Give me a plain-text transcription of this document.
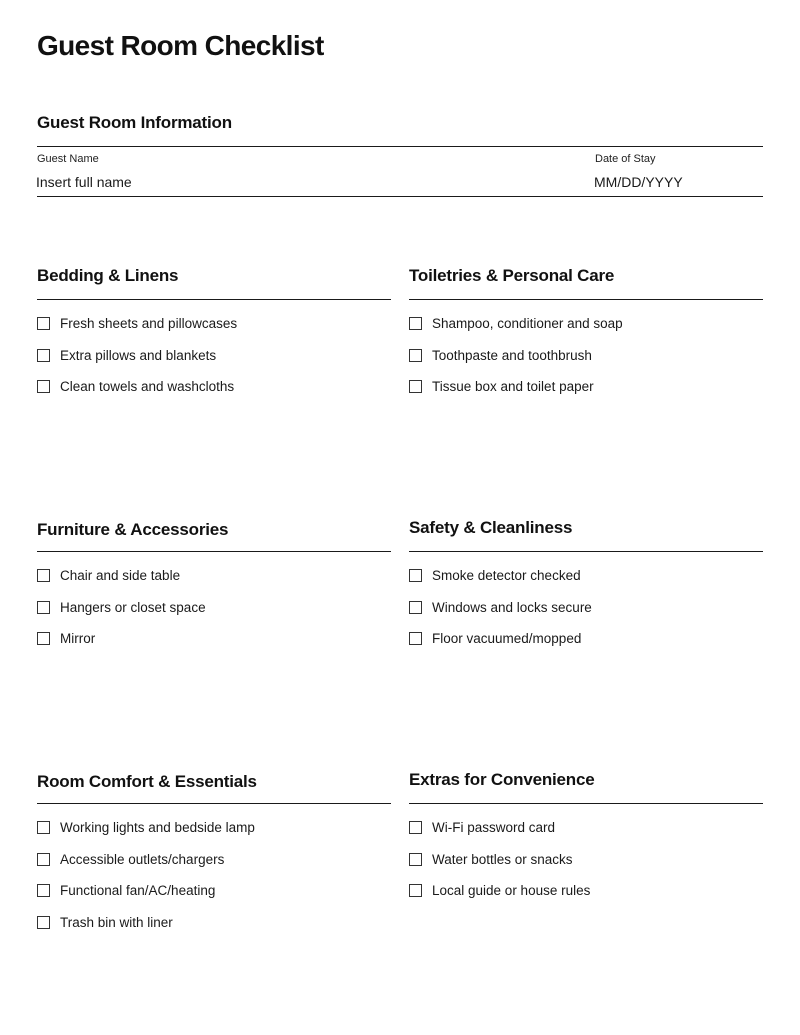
Guest Room Checklist
Guest Room Information
Guest Name
Insert full name
Date of Stay
MM/DD/YYYY
Bedding & Linens
Fresh sheets and pillowcases
Extra pillows and blankets
Clean towels and washcloths
Toiletries & Personal Care
Shampoo, conditioner and soap
Toothpaste and toothbrush
Tissue box and toilet paper
Furniture & Accessories
Chair and side table
Hangers or closet space
Mirror
Safety & Cleanliness
Smoke detector checked
Windows and locks secure
Floor vacuumed/mopped
Room Comfort & Essentials
Working lights and bedside lamp
Accessible outlets/chargers
Functional fan/AC/heating
Trash bin with liner
Extras for Convenience
Wi-Fi password card
Water bottles or snacks
Local guide or house rules
